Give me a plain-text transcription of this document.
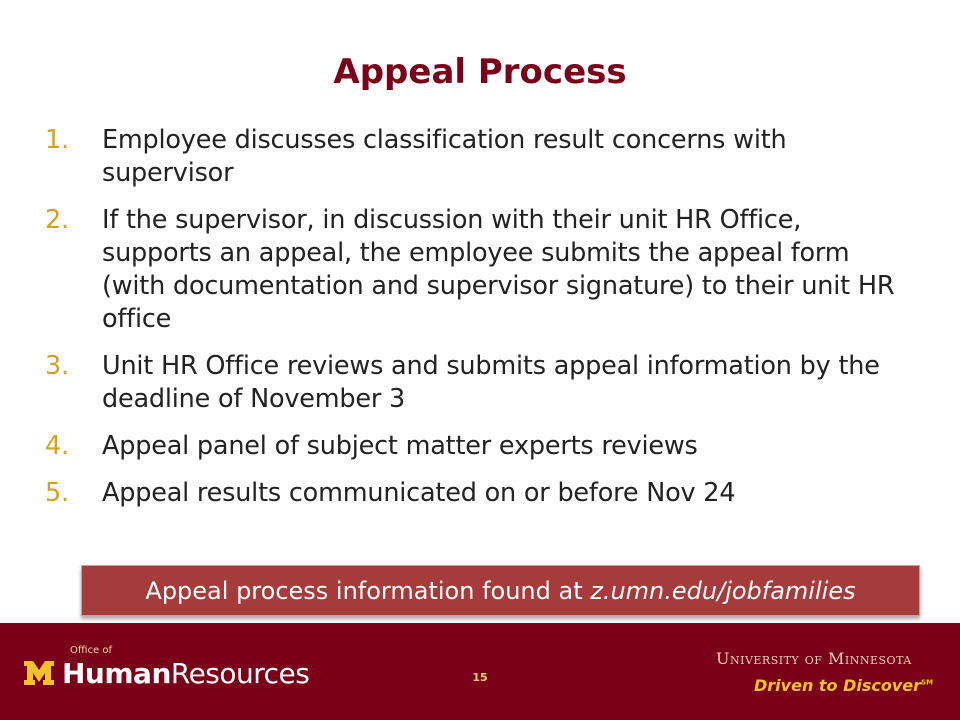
Appeal Process
1.	Employee discusses classification result concerns with supervisor
2.	If the supervisor, in discussion with their unit HR Office, supports an appeal, the employee submits the appeal form (with documentation and supervisor signature) to their unit HR office
3.	Unit HR Office reviews and submits appeal information by the deadline of November 3
4.	Appeal panel of subject matter experts reviews
5.	Appeal results communicated on or before Nov 24
Appeal process information found at z.umn.edu/jobfamilies
Office of
HumanResources	15
University of Minnesota
Driven to Discover℠
